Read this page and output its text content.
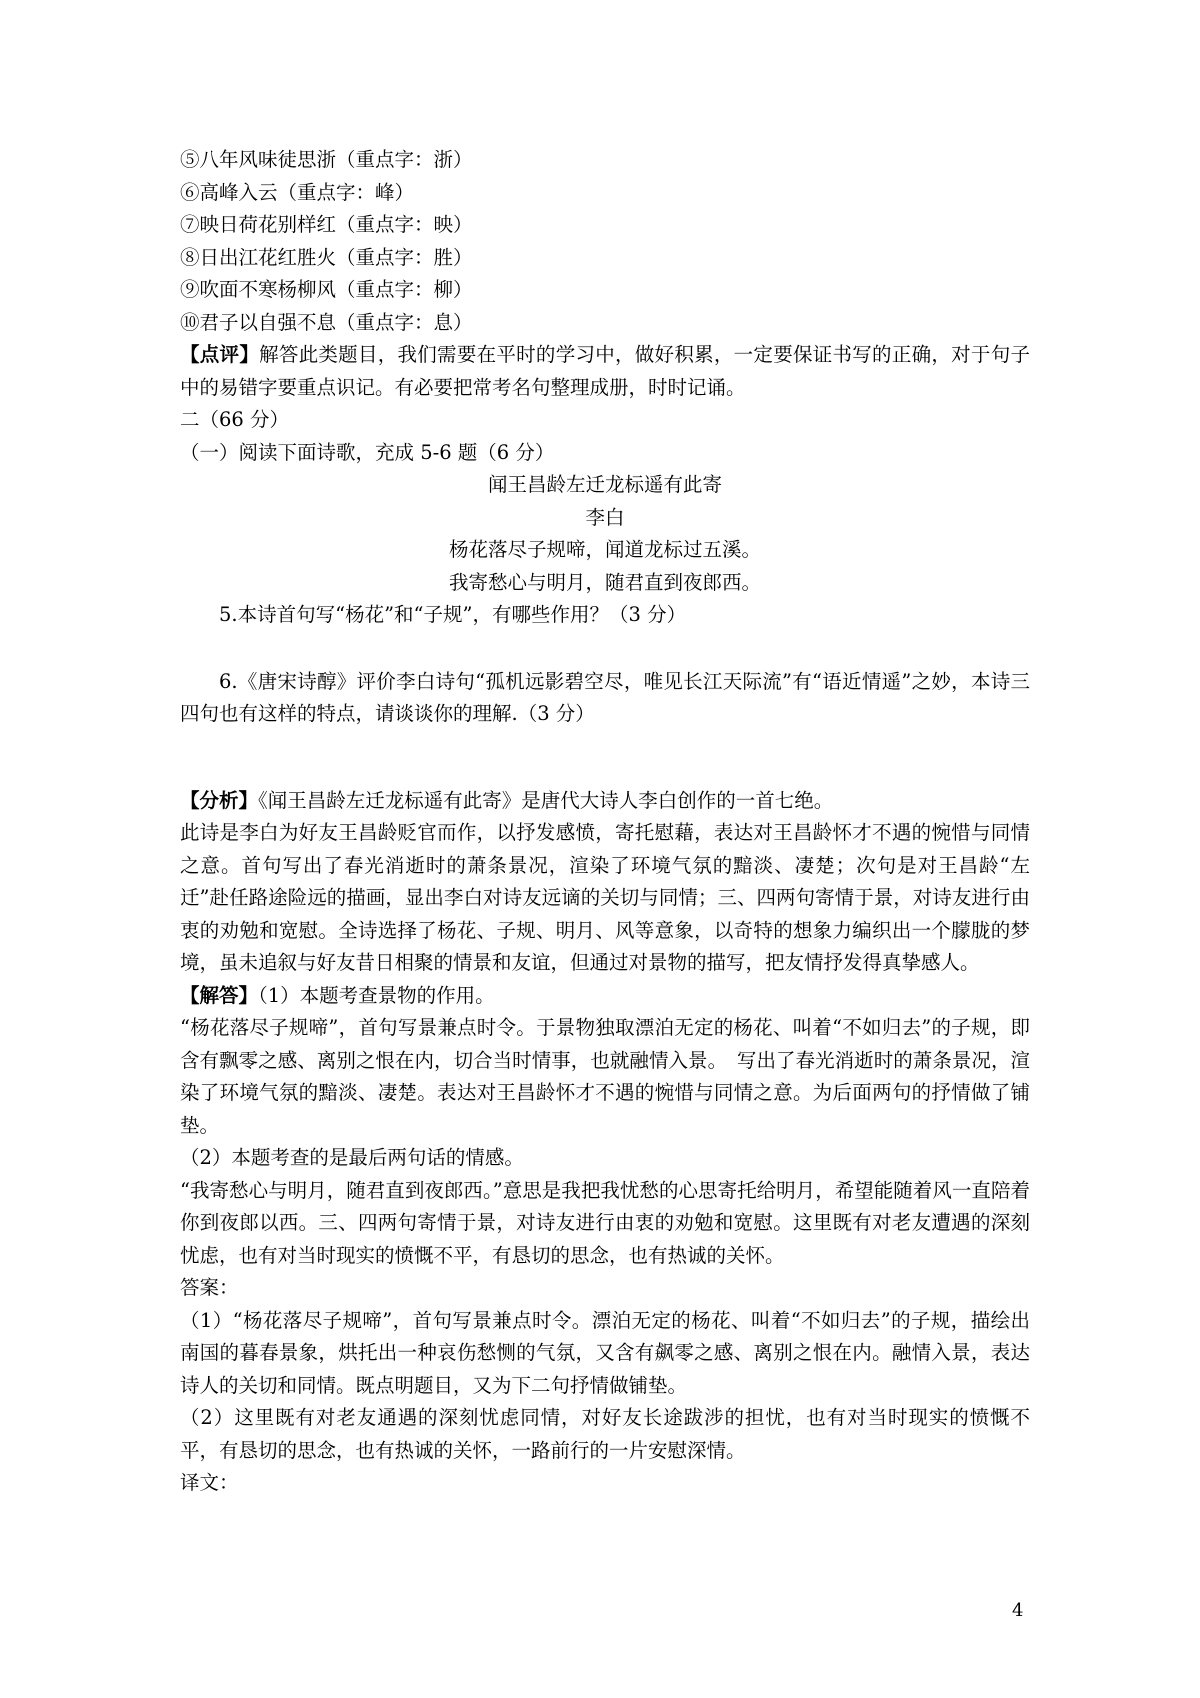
⑤八年风味徒思浙（重点字：浙）
⑥高峰入云（重点字：峰）
⑦映日荷花别样红（重点字：映）
⑧日出江花红胜火（重点字：胜）
⑨吹面不寒杨柳风（重点字：柳）
⑩君子以自强不息（重点字：息）

【点评】解答此类题目，我们需要在平时的学习中，做好积累，一定要保证书写的正确，对于句子中的易错字要重点识记。有必要把常考名句整理成册，时时记诵。

二（66 分）
（一）阅读下面诗歌，充成 5-6 题（6 分）
闻王昌龄左迁龙标遥有此寄
李白
杨花落尽子规啼，闻道龙标过五溪。
我寄愁心与明月，随君直到夜郎西。
5.本诗首句写“杨花”和“子规”，有哪些作用？（3 分）

6.《唐宋诗醇》评价李白诗句“孤机远影碧空尽，唯见长江天际流”有“语近情遥”之妙，本诗三四句也有这样的特点，请谈谈你的理解.（3 分）

【分析】《闻王昌龄左迁龙标遥有此寄》是唐代大诗人李白创作的一首七绝。

此诗是李白为好友王昌龄贬官而作，以抒发感愤，寄托慰藉，表达对王昌龄怀才不遇的惋惜与同情之意。首句写出了春光消逝时的萧条景况，渲染了环境气氛的黯淡、凄楚；次句是对王昌龄“左迁”赴任路途险远的描画，显出李白对诗友远谪的关切与同情；三、四两句寄情于景，对诗友进行由衷的劝勉和宽慰。全诗选择了杨花、子规、明月、风等意象，以奇特的想象力编织出一个朦胧的梦境，虽未追叙与好友昔日相聚的情景和友谊，但通过对景物的描写，把友情抒发得真挚感人。

【解答】（1）本题考查景物的作用。

“杨花落尽子规啼”，首句写景兼点时令。于景物独取漂泊无定的杨花、叫着“不如归去”的子规，即含有飘零之感、离别之恨在内，切合当时情事，也就融情入景。　写出了春光消逝时的萧条景况，渲染了环境气氛的黯淡、凄楚。表达对王昌龄怀才不遇的惋惜与同情之意。为后面两句的抒情做了铺垫。

（2）本题考查的是最后两句话的情感。

“我寄愁心与明月，随君直到夜郎西。”意思是我把我忧愁的心思寄托给明月，希望能随着风一直陪着你到夜郎以西。三、四两句寄情于景，对诗友进行由衷的劝勉和宽慰。这里既有对老友遭遇的深刻忧虑，也有对当时现实的愤慨不平，有恳切的思念，也有热诚的关怀。

答案：

（1）“杨花落尽子规啼”，首句写景兼点时令。漂泊无定的杨花、叫着“不如归去”的子规，描绘出南国的暮春景象，烘托出一种哀伤愁恻的气氛，又含有飙零之感、离别之恨在内。融情入景，表达诗人的关切和同情。既点明题目，又为下二句抒情做铺垫。

（2）这里既有对老友通遇的深刻忧虑同情，对好友长途跋涉的担忧，也有对当时现实的愤慨不平，有恳切的思念，也有热诚的关怀，一路前行的一片安慰深情。

译文：
4
